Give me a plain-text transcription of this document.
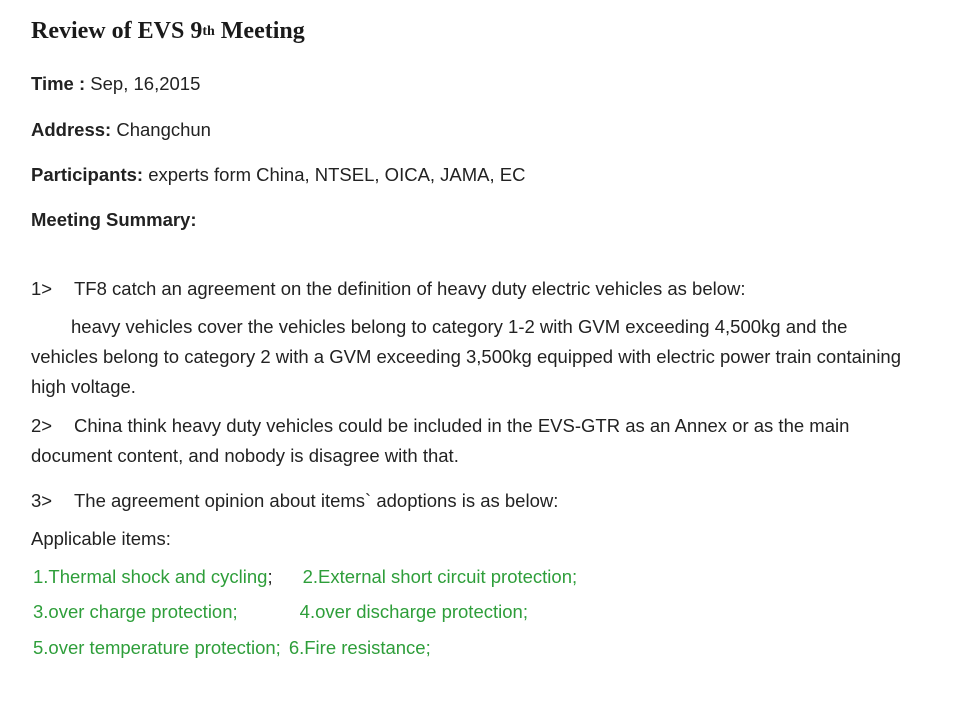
Review of EVS 9th Meeting
Time : Sep, 16,2015
Address: Changchun
Participants: experts form China, NTSEL, OICA, JAMA, EC
Meeting Summary:
1> TF8 catch an agreement on the definition of heavy duty electric vehicles as below:
heavy vehicles cover the vehicles belong to category 1-2 with GVM exceeding 4,500kg and the vehicles belong to category 2 with a GVM exceeding 3,500kg equipped with electric power train containing high voltage.
2> China think heavy duty vehicles could be included in the EVS-GTR as an Annex or as the main document content, and nobody is disagree with that.
3> The agreement opinion about items` adoptions is as below:
Applicable items:
1.Thermal shock and cycling; 2.External short circuit protection;
3.over charge protection;	4.over discharge protection;
5.over temperature protection; 6.Fire resistance;
